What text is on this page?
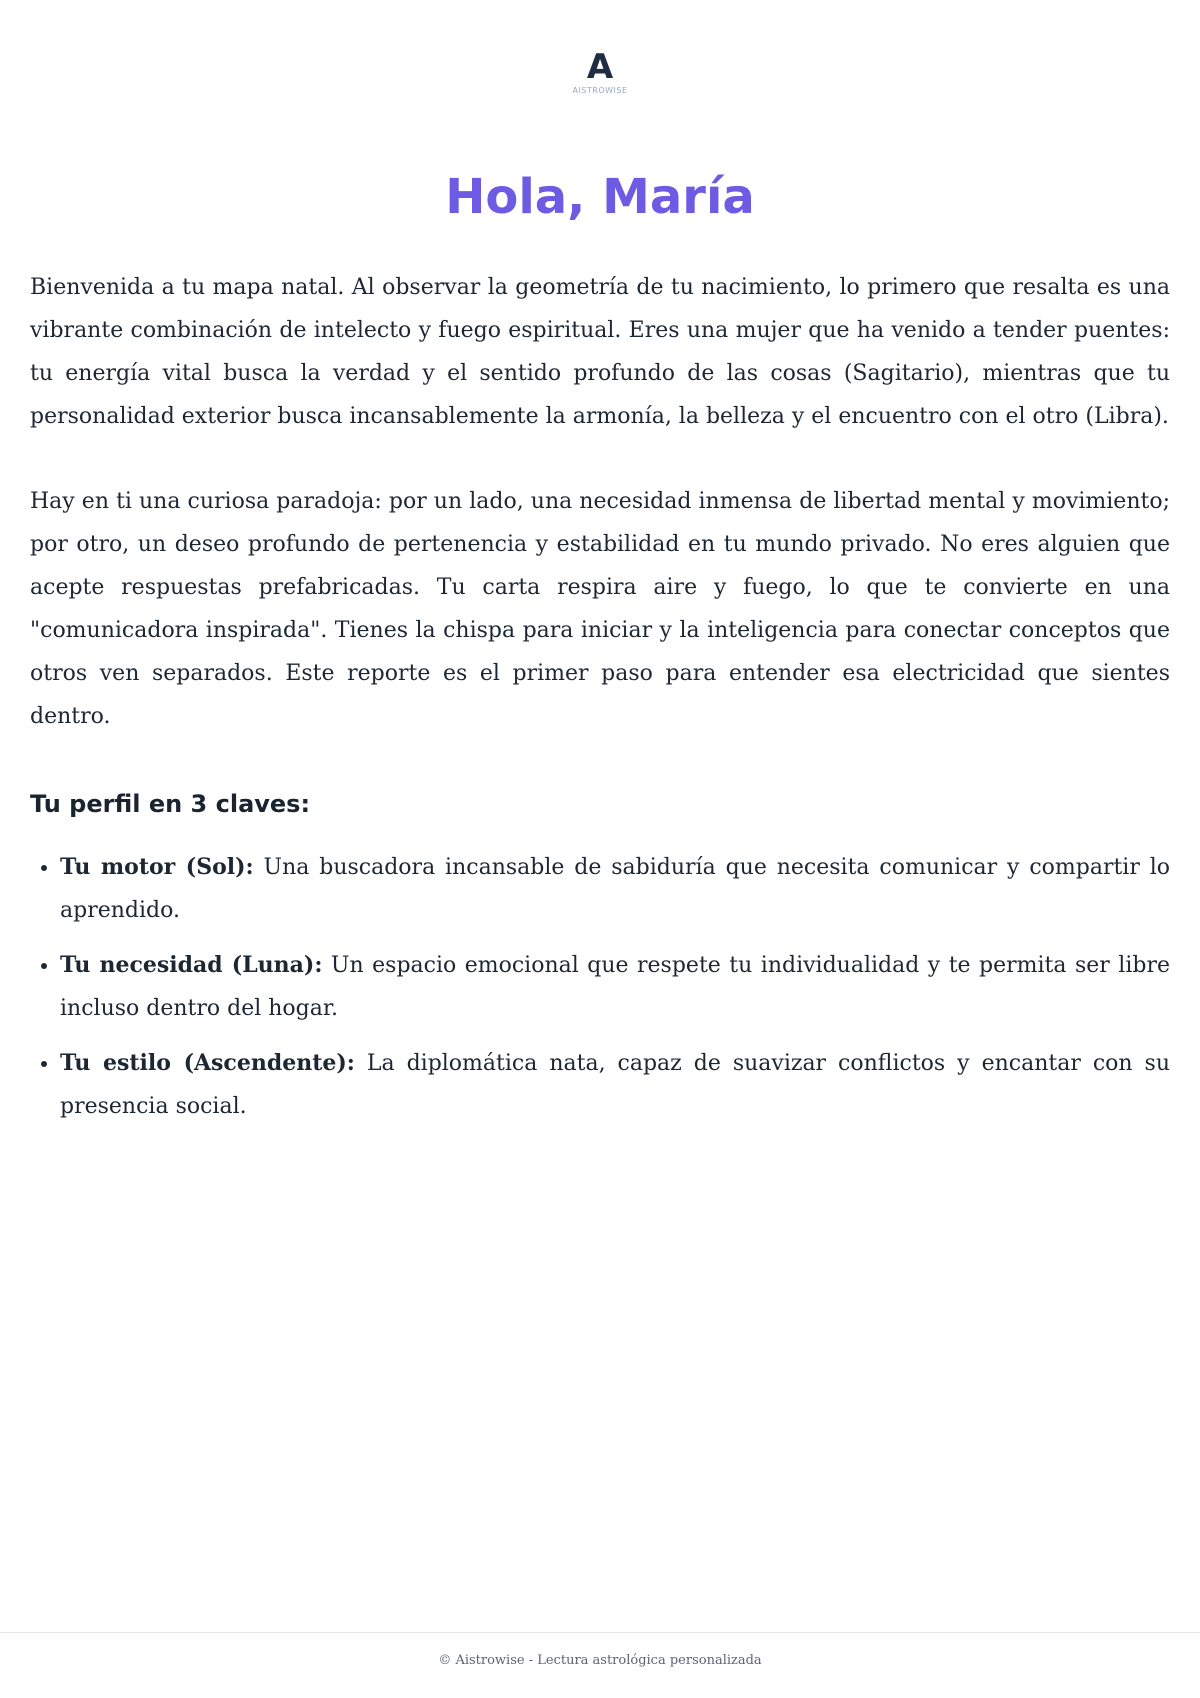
A
AISTROWISE
Hola, María

Bienvenida a tu mapa natal. Al observar la geometría de tu nacimiento, lo primero que resalta es una vibrante combinación de intelecto y fuego espiritual. Eres una mujer que ha venido a tender puentes: tu energía vital busca la verdad y el sentido profundo de las cosas (Sagitario), mientras que tu personalidad exterior busca incansablemente la armonía, la belleza y el encuentro con el otro (Libra).

Hay en ti una curiosa paradoja: por un lado, una necesidad inmensa de libertad mental y movimiento; por otro, un deseo profundo de pertenencia y estabilidad en tu mundo privado. No eres alguien que acepte respuestas prefabricadas. Tu carta respira aire y fuego, lo que te convierte en una "comunicadora inspirada". Tienes la chispa para iniciar y la inteligencia para conectar conceptos que otros ven separados. Este reporte es el primer paso para entender esa electricidad que sientes dentro.

Tu perfil en 3 claves:
• Tu motor (Sol): Una buscadora incansable de sabiduría que necesita comunicar y compartir lo aprendido.
• Tu necesidad (Luna): Un espacio emocional que respete tu individualidad y te permita ser libre incluso dentro del hogar.
• Tu estilo (Ascendente): La diplomática nata, capaz de suavizar conflictos y encantar con su presencia social.
© Aistrowise - Lectura astrológica personalizada
